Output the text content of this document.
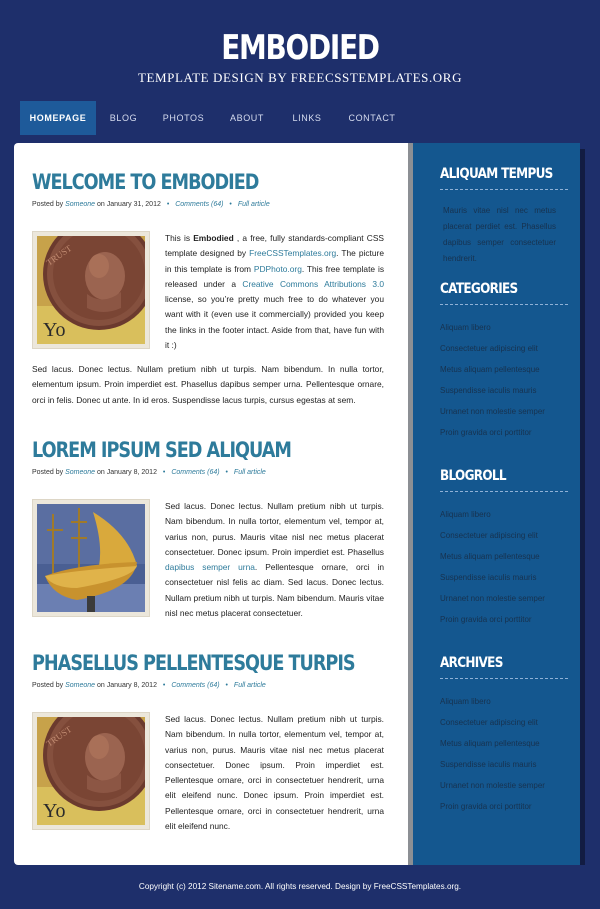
EMBODIED
TEMPLATE DESIGN BY FREECSSTEMPLATES.ORG
HOMEPAGE	BLOG	PHOTOS	ABOUT	LINKS	CONTACT
WELCOME TO EMBODIED
Posted by Someone on January 31, 2012 • Comments (64) • Full article
Yo
TRUST
This is Embodied , a free, fully standards-compliant CSS template designed by FreeCSSTemplates.org. The picture in this template is from PDPhoto.org. This free template is released under a Creative Commons Attributions 3.0 license, so you’re pretty much free to do whatever you want with it (even use it commercially) provided you keep the links in the footer intact. Aside from that, have fun with it :)
Sed lacus. Donec lectus. Nullam pretium nibh ut turpis. Nam bibendum. In nulla tortor, elementum ipsum. Proin imperdiet est. Phasellus dapibus semper urna. Pellentesque ornare, orci in felis. Donec ut ante. In id eros. Suspendisse lacus turpis, cursus egestas at sem.
LOREM IPSUM SED ALIQUAM
Posted by Someone on January 8, 2012 • Comments (64) • Full article
Sed lacus. Donec lectus. Nullam pretium nibh ut turpis. Nam bibendum. In nulla tortor, elementum vel, tempor at, varius non, purus. Mauris vitae nisl nec metus placerat consectetuer. Donec ipsum. Proin imperdiet est. Phasellus dapibus semper urna. Pellentesque ornare, orci in consectetuer nisl felis ac diam. Sed lacus. Donec lectus. Nullam pretium nibh ut turpis. Nam bibendum. Mauris vitae nisl nec metus placerat consectetuer.
PHASELLUS PELLENTESQUE TURPIS
Posted by Someone on January 8, 2012 • Comments (64) • Full article
Yo
TRUST
Sed lacus. Donec lectus. Nullam pretium nibh ut turpis. Nam bibendum. In nulla tortor, elementum vel, tempor at, varius non, purus. Mauris vitae nisl nec metus placerat consectetuer. Donec ipsum. Proin imperdiet est. Pellentesque ornare, orci in consectetuer hendrerit, urna elit eleifend nunc. Donec ipsum. Proin imperdiet est. Pellentesque ornare, orci in consectetuer hendrerit, urna elit eleifend nunc.
ALIQUAM TEMPUS
Mauris vitae nisl nec metus placerat perdiet est. Phasellus dapibus semper consectetuer hendrerit.
CATEGORIES
Aliquam libero
Consectetuer adipiscing elit
Metus aliquam pellentesque
Suspendisse iaculis mauris
Urnanet non molestie semper
Proin gravida orci porttitor
BLOGROLL
Aliquam libero
Consectetuer adipiscing elit
Metus aliquam pellentesque
Suspendisse iaculis mauris
Urnanet non molestie semper
Proin gravida orci porttitor
ARCHIVES
Aliquam libero
Consectetuer adipiscing elit
Metus aliquam pellentesque
Suspendisse iaculis mauris
Urnanet non molestie semper
Proin gravida orci porttitor
Copyright (c) 2012 Sitename.com. All rights reserved. Design by FreeCSSTemplates.org.
